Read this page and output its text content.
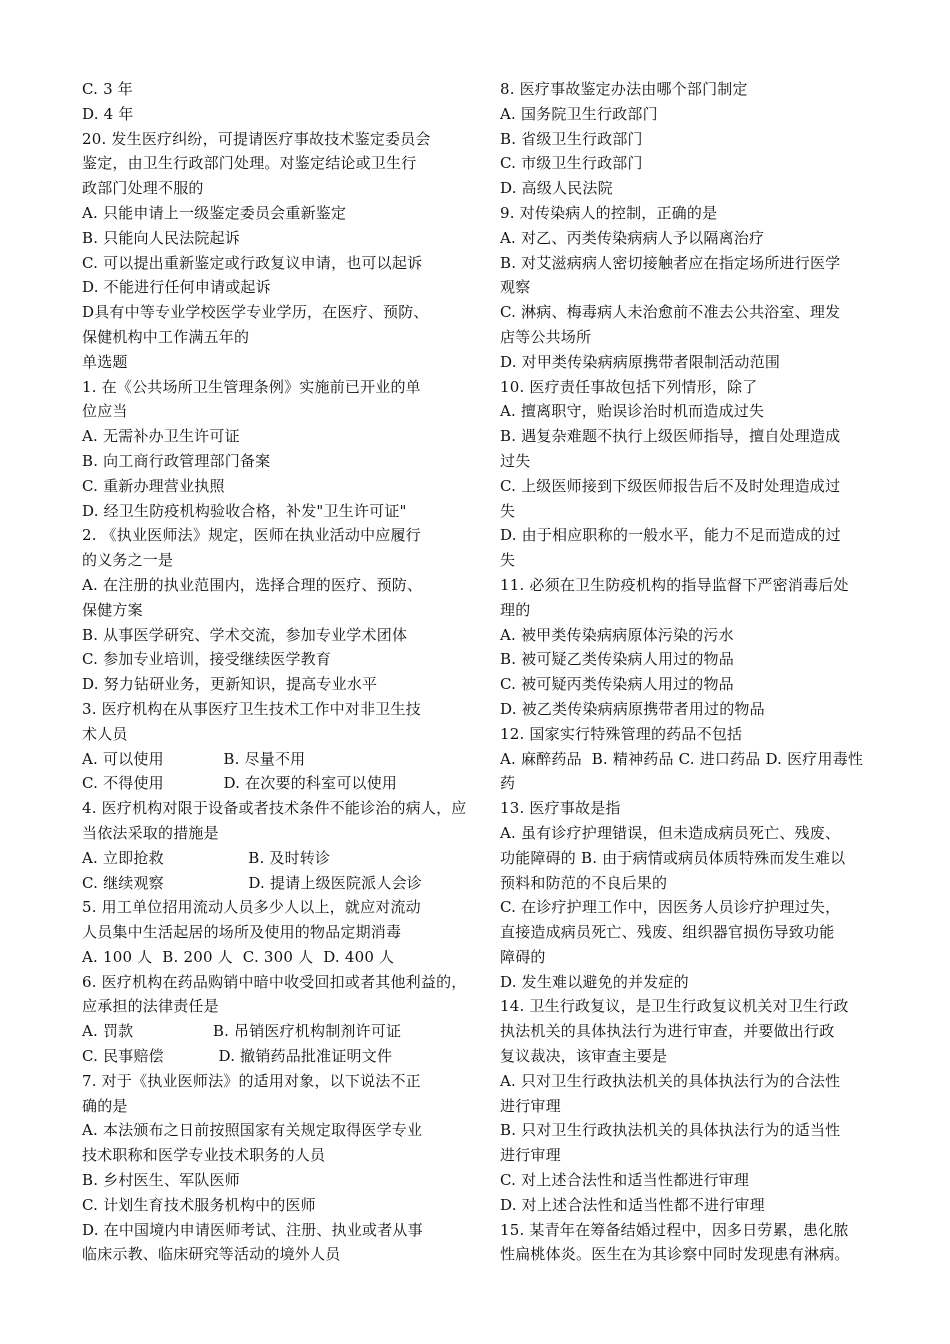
C. 3 年
D. 4 年
20. 发生医疗纠纷，可提请医疗事故技术鉴定委员会
鉴定，由卫生行政部门处理。对鉴定结论或卫生行
政部门处理不服的
A. 只能申请上一级鉴定委员会重新鉴定
B. 只能向人民法院起诉
C. 可以提出重新鉴定或行政复议申请，也可以起诉
D. 不能进行任何申请或起诉
D具有中等专业学校医学专业学历，在医疗、预防、
保健机构中工作满五年的
单选题
1. 在《公共场所卫生管理条例》实施前已开业的单
位应当
A. 无需补办卫生许可证
B. 向工商行政管理部门备案
C. 重新办理营业执照
D. 经卫生防疫机构验收合格，补发"卫生许可证"
2. 《执业医师法》规定，医师在执业活动中应履行
的义务之一是
A. 在注册的执业范围内，选择合理的医疗、预防、
保健方案
B. 从事医学研究、学术交流，参加专业学术团体
C. 参加专业培训，接受继续医学教育
D. 努力钻研业务，更新知识，提高专业水平
3. 医疗机构在从事医疗卫生技术工作中对非卫生技
术人员
A. 可以使用            B. 尽量不用
C. 不得使用            D. 在次要的科室可以使用
4. 医疗机构对限于设备或者技术条件不能诊治的病人，应
当依法采取的措施是
A. 立即抢救                 B. 及时转诊
C. 继续观察                 D. 提请上级医院派人会诊
5. 用工单位招用流动人员多少人以上，就应对流动
人员集中生活起居的场所及使用的物品定期消毒
A. 100 人  B. 200 人  C. 300 人  D. 400 人
6. 医疗机构在药品购销中暗中收受回扣或者其他利益的，
应承担的法律责任是
A. 罚款                B. 吊销医疗机构制剂许可证
C. 民事赔偿           D. 撤销药品批准证明文件
7. 对于《执业医师法》的适用对象，以下说法不正
确的是
A. 本法颁布之日前按照国家有关规定取得医学专业
技术职称和医学专业技术职务的人员
B. 乡村医生、军队医师
C. 计划生育技术服务机构中的医师
D. 在中国境内申请医师考试、注册、执业或者从事
临床示教、临床研究等活动的境外人员
8. 医疗事故鉴定办法由哪个部门制定
A. 国务院卫生行政部门
B. 省级卫生行政部门
C. 市级卫生行政部门
D. 高级人民法院
9. 对传染病人的控制，正确的是
A. 对乙、丙类传染病病人予以隔离治疗
B. 对艾滋病病人密切接触者应在指定场所进行医学
观察
C. 淋病、梅毒病人未治愈前不准去公共浴室、理发
店等公共场所
D. 对甲类传染病病原携带者限制活动范围
10. 医疗责任事故包括下列情形，除了
A. 擅离职守，贻误诊治时机而造成过失
B. 遇复杂难题不执行上级医师指导，擅自处理造成
过失
C. 上级医师接到下级医师报告后不及时处理造成过
失
D. 由于相应职称的一般水平，能力不足而造成的过
失
11. 必须在卫生防疫机构的指导监督下严密消毒后处
理的
A. 被甲类传染病病原体污染的污水
B. 被可疑乙类传染病人用过的物品
C. 被可疑丙类传染病人用过的物品
D. 被乙类传染病病原携带者用过的物品
12. 国家实行特殊管理的药品不包括
A. 麻醉药品  B. 精神药品 C. 进口药品 D. 医疗用毒性
药
13. 医疗事故是指
A. 虽有诊疗护理错误，但未造成病员死亡、残废、
功能障碍的 B. 由于病情或病员体质特殊而发生难以
预料和防范的不良后果的
C. 在诊疗护理工作中，因医务人员诊疗护理过失，
直接造成病员死亡、残废、组织器官损伤导致功能
障碍的
D. 发生难以避免的并发症的
14. 卫生行政复议，是卫生行政复议机关对卫生行政
执法机关的具体执法行为进行审查，并要做出行政
复议裁决，该审查主要是
A. 只对卫生行政执法机关的具体执法行为的合法性
进行审理
B. 只对卫生行政执法机关的具体执法行为的适当性
进行审理
C. 对上述合法性和适当性都进行审理
D. 对上述合法性和适当性都不进行审理
15. 某青年在筹备结婚过程中，因多日劳累，患化脓
性扁桃体炎。医生在为其诊察中同时发现患有淋病。
